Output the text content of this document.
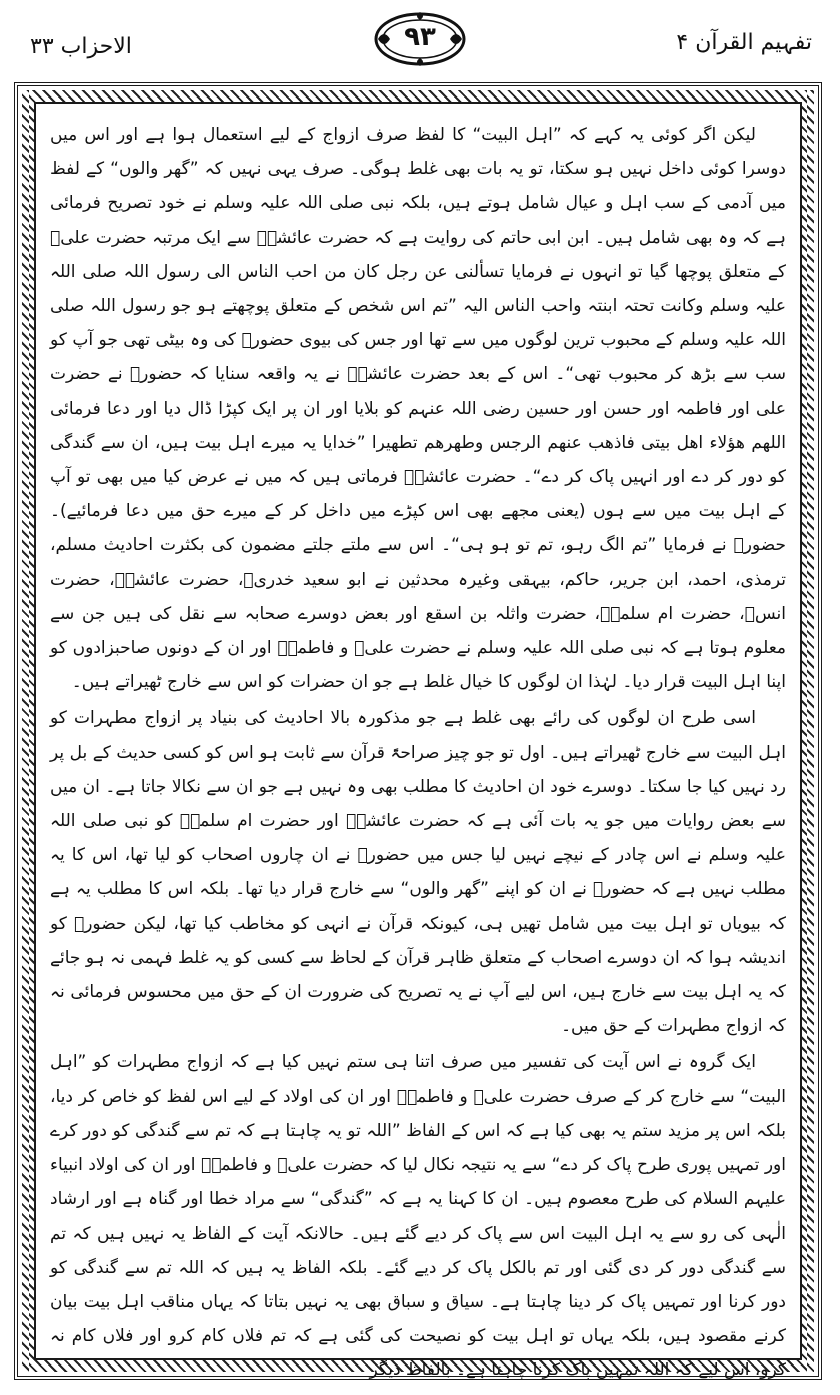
الاحزاب ۳۳	۹۳	تفہیم القرآن ۴

لیکن اگر کوئی یہ کہے کہ ”اہل البیت“ کا لفظ صرف ازواج کے لیے استعمال ہوا ہے اور اس میں دوسرا کوئی داخل نہیں ہو سکتا، تو یہ بات بھی غلط ہوگی۔ صرف یہی نہیں کہ ”گھر والوں“ کے لفظ میں آدمی کے سب اہل و عیال شامل ہوتے ہیں، بلکہ نبی صلی اللہ علیہ وسلم نے خود تصریح فرمائی ہے کہ وہ بھی شامل ہیں۔ ابن ابی حاتم کی روایت ہے کہ حضرت عائشہؓ سے ایک مرتبہ حضرت علیؓ کے متعلق پوچھا گیا تو انہوں نے فرمایا تسألنی عن رجل کان من احب الناس الی رسول اللہ صلی اللہ علیہ وسلم وکانت تحتہ ابنتہ واحب الناس الیہ ”تم اس شخص کے متعلق پوچھتے ہو جو رسول اللہ صلی اللہ علیہ وسلم کے محبوب ترین لوگوں میں سے تھا اور جس کی بیوی حضورؐ کی وہ بیٹی تھی جو آپ کو سب سے بڑھ کر محبوب تھی“۔ اس کے بعد حضرت عائشہؓ نے یہ واقعہ سنایا کہ حضورؐ نے حضرت علی اور فاطمہ اور حسن اور حسین رضی اللہ عنہم کو بلایا اور ان پر ایک کپڑا ڈال دیا اور دعا فرمائی اللھم ھؤلاء اھل بیتی فاذھب عنھم الرجس وطھرھم تطھیرا ”خدایا یہ میرے اہل بیت ہیں، ان سے گندگی کو دور کر دے اور انہیں پاک کر دے“۔ حضرت عائشہؓ فرماتی ہیں کہ میں نے عرض کیا میں بھی تو آپ کے اہل بیت میں سے ہوں (یعنی مجھے بھی اس کپڑے میں داخل کر کے میرے حق میں دعا فرمائیے)۔ حضورؐ نے فرمایا ”تم الگ رہو، تم تو ہو ہی“۔ اس سے ملتے جلتے مضمون کی بکثرت احادیث مسلم، ترمذی، احمد، ابن جریر، حاکم، بیہقی وغیرہ محدثین نے ابو سعید خدریؓ، حضرت عائشہؓ، حضرت انسؓ، حضرت ام سلمہؓ، حضرت واثلہ بن اسقع اور بعض دوسرے صحابہ سے نقل کی ہیں جن سے معلوم ہوتا ہے کہ نبی صلی اللہ علیہ وسلم نے حضرت علیؓ و فاطمہؓ اور ان کے دونوں صاحبزادوں کو اپنا اہل البیت قرار دیا۔ لہٰذا ان لوگوں کا خیال غلط ہے جو ان حضرات کو اس سے خارج ٹھیراتے ہیں۔

اسی طرح ان لوگوں کی رائے بھی غلط ہے جو مذکورہ بالا احادیث کی بنیاد پر ازواج مطہرات کو اہل البیت سے خارج ٹھیراتے ہیں۔ اول تو جو چیز صراحۃً قرآن سے ثابت ہو اس کو کسی حدیث کے بل پر رد نہیں کیا جا سکتا۔ دوسرے خود ان احادیث کا مطلب بھی وہ نہیں ہے جو ان سے نکالا جاتا ہے۔ ان میں سے بعض روایات میں جو یہ بات آئی ہے کہ حضرت عائشہؓ اور حضرت ام سلمہؓ کو نبی صلی اللہ علیہ وسلم نے اس چادر کے نیچے نہیں لیا جس میں حضورؐ نے ان چاروں اصحاب کو لیا تھا، اس کا یہ مطلب نہیں ہے کہ حضورؐ نے ان کو اپنے ”گھر والوں“ سے خارج قرار دیا تھا۔ بلکہ اس کا مطلب یہ ہے کہ بیویاں تو اہل بیت میں شامل تھیں ہی، کیونکہ قرآن نے انہی کو مخاطب کیا تھا، لیکن حضورؐ کو اندیشہ ہوا کہ ان دوسرے اصحاب کے متعلق ظاہر قرآن کے لحاظ سے کسی کو یہ غلط فہمی نہ ہو جائے کہ یہ اہل بیت سے خارج ہیں، اس لیے آپ نے یہ تصریح کی ضرورت ان کے حق میں محسوس فرمائی نہ کہ ازواج مطہرات کے حق میں۔

ایک گروہ نے اس آیت کی تفسیر میں صرف اتنا ہی ستم نہیں کیا ہے کہ ازواج مطہرات کو ”اہل البیت“ سے خارج کر کے صرف حضرت علیؓ و فاطمہؓ اور ان کی اولاد کے لیے اس لفظ کو خاص کر دیا، بلکہ اس پر مزید ستم یہ بھی کیا ہے کہ اس کے الفاظ ”اللہ تو یہ چاہتا ہے کہ تم سے گندگی کو دور کرے اور تمہیں پوری طرح پاک کر دے“ سے یہ نتیجہ نکال لیا کہ حضرت علیؓ و فاطمہؓ اور ان کی اولاد انبیاء علیہم السلام کی طرح معصوم ہیں۔ ان کا کہنا یہ ہے کہ ”گندگی“ سے مراد خطا اور گناہ ہے اور ارشاد الٰہی کی رو سے یہ اہل البیت اس سے پاک کر دیے گئے ہیں۔ حالانکہ آیت کے الفاظ یہ نہیں ہیں کہ تم سے گندگی دور کر دی گئی اور تم بالکل پاک کر دیے گئے۔ بلکہ الفاظ یہ ہیں کہ اللہ تم سے گندگی کو دور کرنا اور تمہیں پاک کر دینا چاہتا ہے۔ سیاق و سباق بھی یہ نہیں بتاتا کہ یہاں مناقب اہل بیت بیان کرنے مقصود ہیں، بلکہ یہاں تو اہل بیت کو نصیحت کی گئی ہے کہ تم فلاں کام کرو اور فلاں کام نہ کرو، اس لیے کہ اللہ تمہیں پاک کرنا چاہتا ہے۔ بالفاظ دیگر
